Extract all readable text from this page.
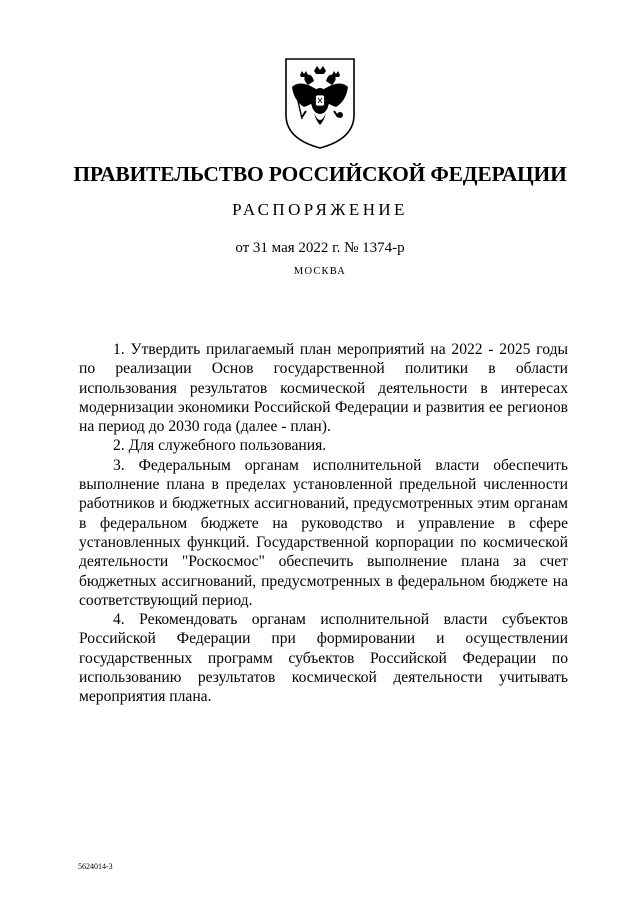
ПРАВИТЕЛЬСТВО РОССИЙСКОЙ ФЕДЕРАЦИИ
РАСПОРЯЖЕНИЕ
от 31 мая 2022 г. № 1374-р
МОСКВА

1. Утвердить прилагаемый план мероприятий на 2022 - 2025 годы по реализации Основ государственной политики в области использования результатов космической деятельности в интересах модернизации экономики Российской Федерации и развития ее регионов на период до 2030 года (далее - план).

2. Для служебного пользования.

3. Федеральным органам исполнительной власти обеспечить выполнение плана в пределах установленной предельной численности работников и бюджетных ассигнований, предусмотренных этим органам в федеральном бюджете на руководство и управление в сфере установленных функций. Государственной корпорации по космической деятельности "Роскосмос" обеспечить выполнение плана за счет бюджетных ассигнований, предусмотренных в федеральном бюджете на соответствующий период.

4. Рекомендовать органам исполнительной власти субъектов Российской Федерации при формировании и осуществлении государственных программ субъектов Российской Федерации по использованию результатов космической деятельности учитывать мероприятия плана.

5624014-3
